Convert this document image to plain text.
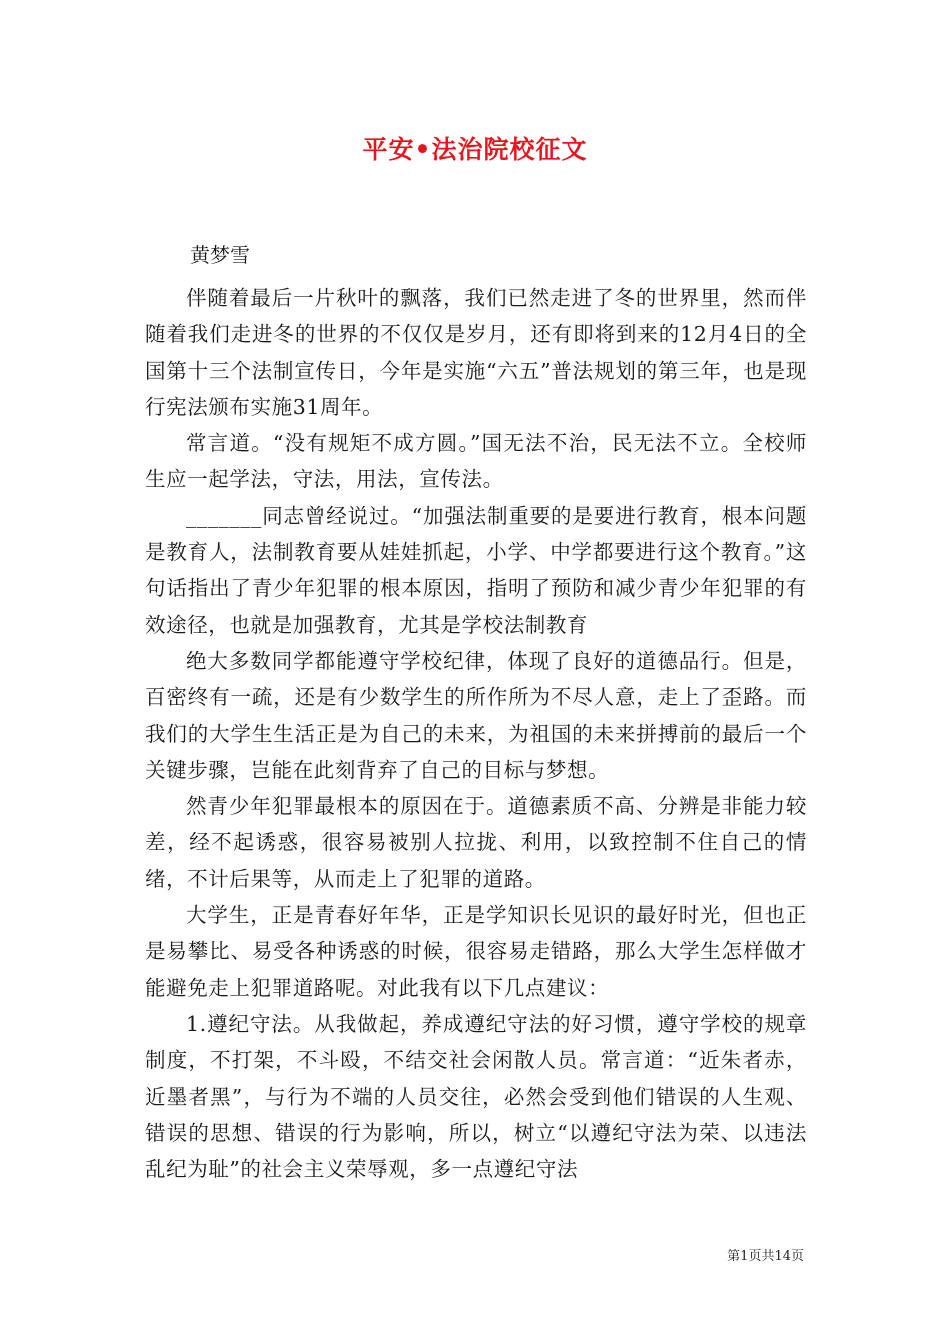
平安•法治院校征文
黄梦雪

伴随着最后一片秋叶的飘落，我们已然走进了冬的世界里，然而伴随着我们走进冬的世界的不仅仅是岁月，还有即将到来的12月4日的全国第十三个法制宣传日，今年是实施“六五”普法规划的第三年，也是现行宪法颁布实施31周年。

常言道。“没有规矩不成方圆。”国无法不治，民无法不立。全校师生应一起学法，守法，用法，宣传法。

_______同志曾经说过。“加强法制重要的是要进行教育，根本问题是教育人，法制教育要从娃娃抓起，小学、中学都要进行这个教育。”这句话指出了青少年犯罪的根本原因，指明了预防和减少青少年犯罪的有效途径，也就是加强教育，尤其是学校法制教育

绝大多数同学都能遵守学校纪律，体现了良好的道德品行。但是，百密终有一疏，还是有少数学生的所作所为不尽人意，走上了歪路。而我们的大学生生活正是为自己的未来，为祖国的未来拼搏前的最后一个关键步骤，岂能在此刻背弃了自己的目标与梦想。

然青少年犯罪最根本的原因在于。道德素质不高、分辨是非能力较差，经不起诱惑，很容易被别人拉拢、利用，以致控制不住自己的情绪，不计后果等，从而走上了犯罪的道路。

大学生，正是青春好年华，正是学知识长见识的最好时光，但也正是易攀比、易受各种诱惑的时候，很容易走错路，那么大学生怎样做才能避免走上犯罪道路呢。对此我有以下几点建议：

1.遵纪守法。从我做起，养成遵纪守法的好习惯，遵守学校的规章制度，不打架，不斗殴，不结交社会闲散人员。常言道：“近朱者赤，近墨者黑”，与行为不端的人员交往，必然会受到他们错误的人生观、错误的思想、错误的行为影响，所以，树立“以遵纪守法为荣、以违法乱纪为耻”的社会主义荣辱观，多一点遵纪守法

第1页共14页
